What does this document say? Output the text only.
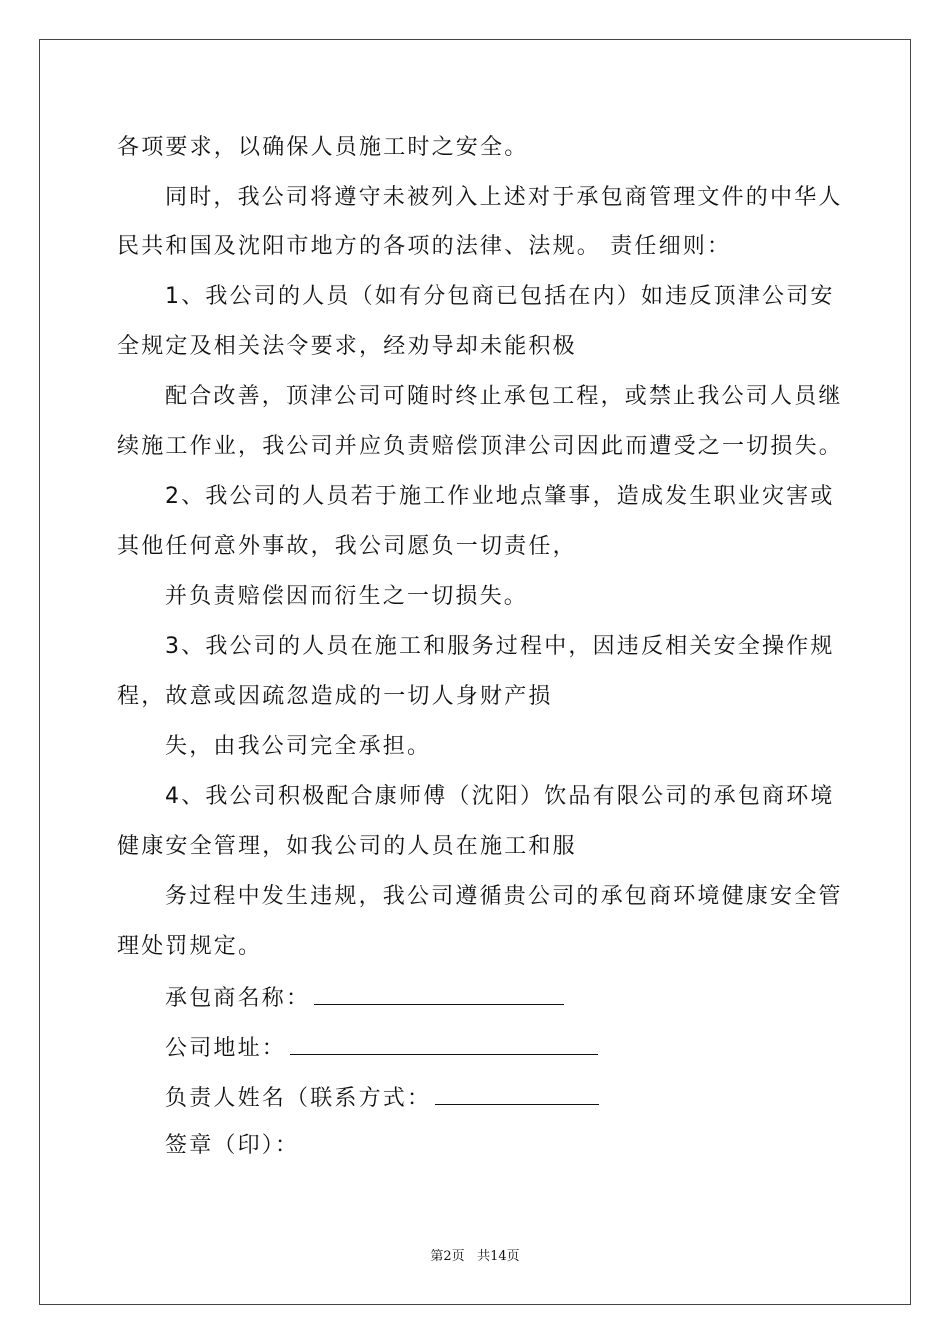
各项要求，以确保人员施工时之安全。
同时，我公司将遵守未被列入上述对于承包商管理文件的中华人
民共和国及沈阳市地方的各项的法律、法规。 责任细则：
1、我公司的人员（如有分包商已包括在内）如违反顶津公司安
全规定及相关法令要求，经劝导却未能积极
配合改善，顶津公司可随时终止承包工程，或禁止我公司人员继
续施工作业，我公司并应负责赔偿顶津公司因此而遭受之一切损失。
2、我公司的人员若于施工作业地点肇事，造成发生职业灾害或
其他任何意外事故，我公司愿负一切责任，
并负责赔偿因而衍生之一切损失。
3、我公司的人员在施工和服务过程中，因违反相关安全操作规
程，故意或因疏忽造成的一切人身财产损
失，由我公司完全承担。
4、我公司积极配合康师傅（沈阳）饮品有限公司的承包商环境
健康安全管理，如我公司的人员在施工和服
务过程中发生违规，我公司遵循贵公司的承包商环境健康安全管
理处罚规定。
承包商名称：
公司地址：
负责人姓名（联系方式：
签章（印）：
第2页 共14页
